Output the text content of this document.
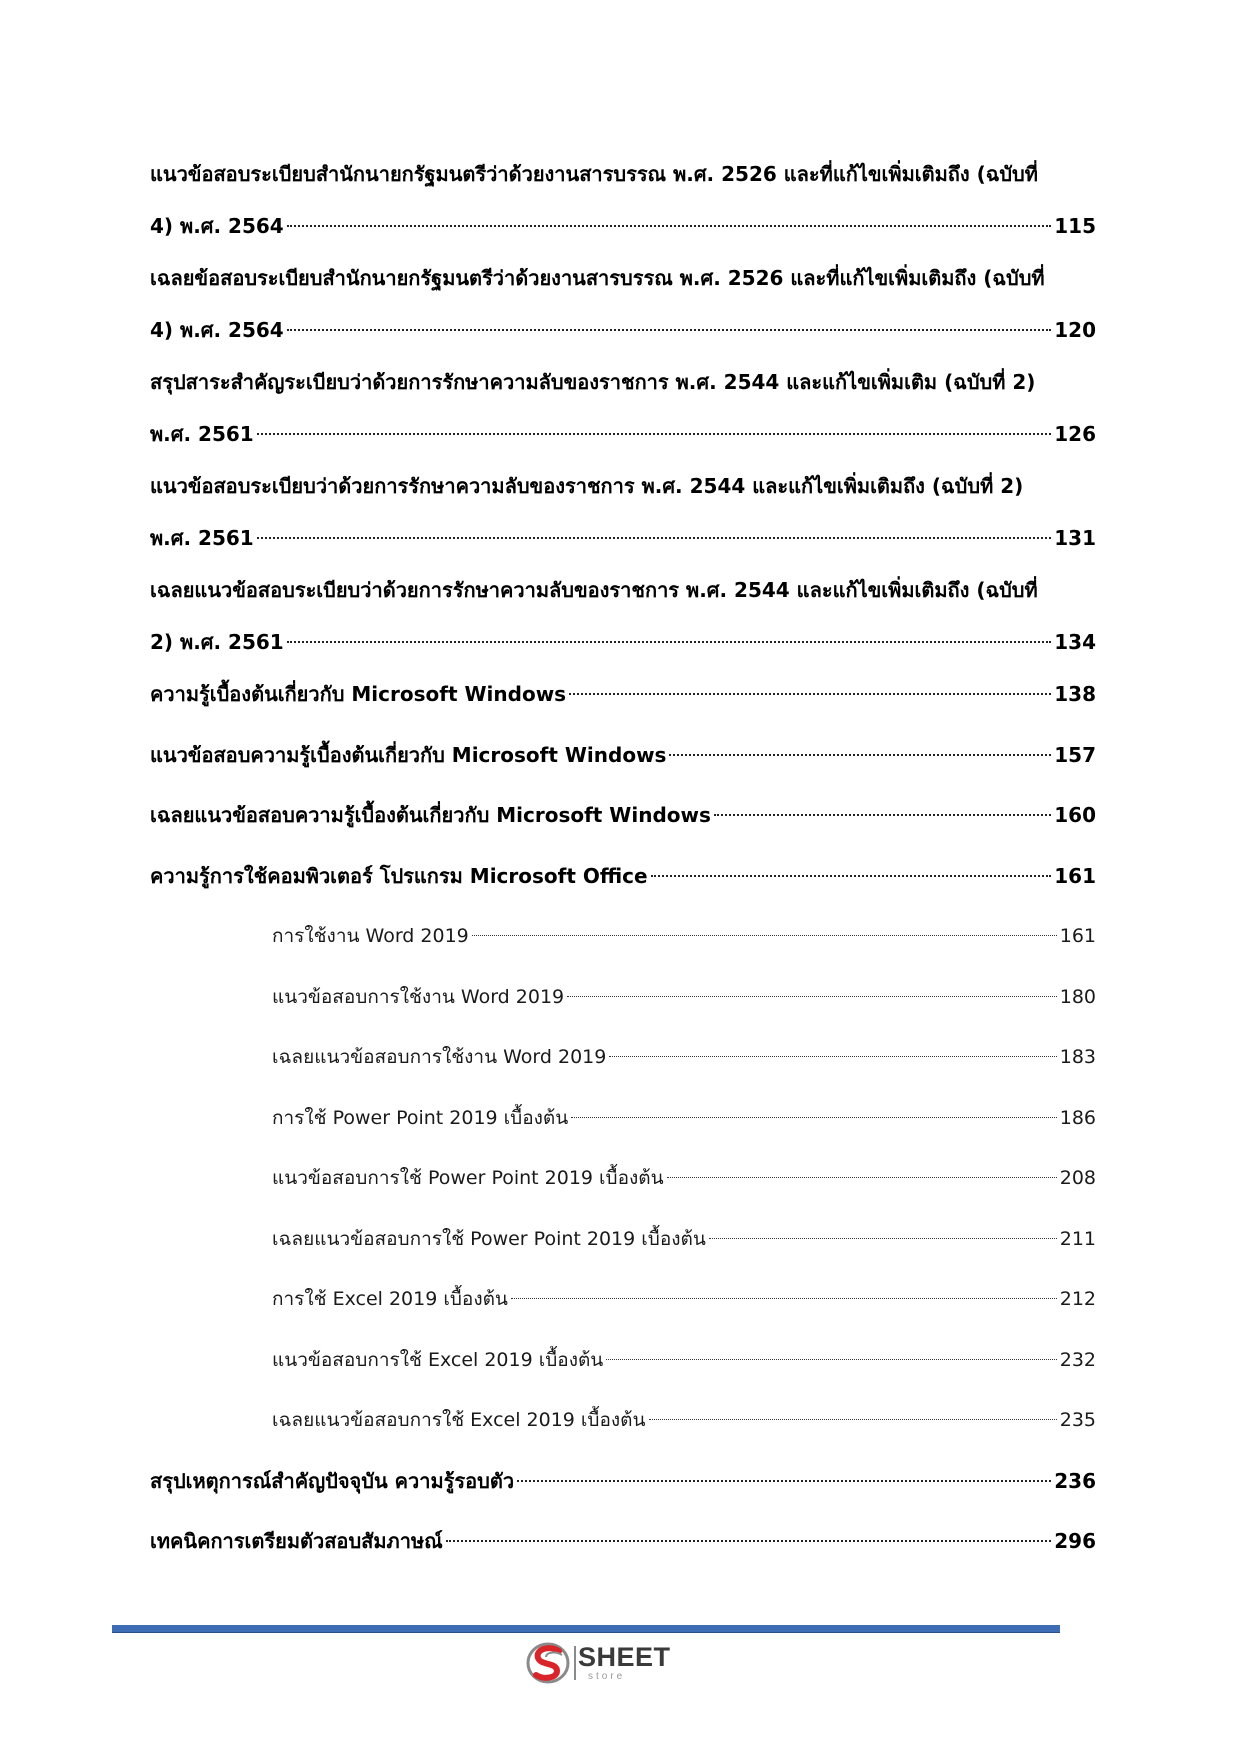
แนวข้อสอบระเบียบสำนักนายกรัฐมนตรีว่าด้วยงานสารบรรณ พ.ศ. 2526 และที่แก้ไขเพิ่มเติมถึง (ฉบับที่
4) พ.ศ. 2564	115
เฉลยข้อสอบระเบียบสำนักนายกรัฐมนตรีว่าด้วยงานสารบรรณ พ.ศ. 2526 และที่แก้ไขเพิ่มเติมถึง (ฉบับที่
4) พ.ศ. 2564	120
สรุปสาระสำคัญระเบียบว่าด้วยการรักษาความลับของราชการ พ.ศ. 2544 และแก้ไขเพิ่มเติม (ฉบับที่ 2)
พ.ศ. 2561	126
แนวข้อสอบระเบียบว่าด้วยการรักษาความลับของราชการ พ.ศ. 2544 และแก้ไขเพิ่มเติมถึง (ฉบับที่ 2)
พ.ศ. 2561	131
เฉลยแนวข้อสอบระเบียบว่าด้วยการรักษาความลับของราชการ พ.ศ. 2544 และแก้ไขเพิ่มเติมถึง (ฉบับที่
2) พ.ศ. 2561	134
ความรู้เบื้องต้นเกี่ยวกับ Microsoft Windows	138
แนวข้อสอบความรู้เบื้องต้นเกี่ยวกับ Microsoft Windows	157
เฉลยแนวข้อสอบความรู้เบื้องต้นเกี่ยวกับ Microsoft Windows	160
ความรู้การใช้คอมพิวเตอร์ โปรแกรม Microsoft Office	161
การใช้งาน Word 2019	161
แนวข้อสอบการใช้งาน Word 2019	180
เฉลยแนวข้อสอบการใช้งาน Word 2019	183
การใช้ Power Point 2019 เบื้องต้น	186
แนวข้อสอบการใช้ Power Point 2019 เบื้องต้น	208
เฉลยแนวข้อสอบการใช้ Power Point 2019 เบื้องต้น	211
การใช้ Excel 2019 เบื้องต้น	212
แนวข้อสอบการใช้ Excel 2019 เบื้องต้น	232
เฉลยแนวข้อสอบการใช้ Excel 2019 เบื้องต้น	235
สรุปเหตุการณ์สำคัญปัจจุบัน ความรู้รอบตัว	236
เทคนิคการเตรียมตัวสอบสัมภาษณ์	296
SHEET
store
